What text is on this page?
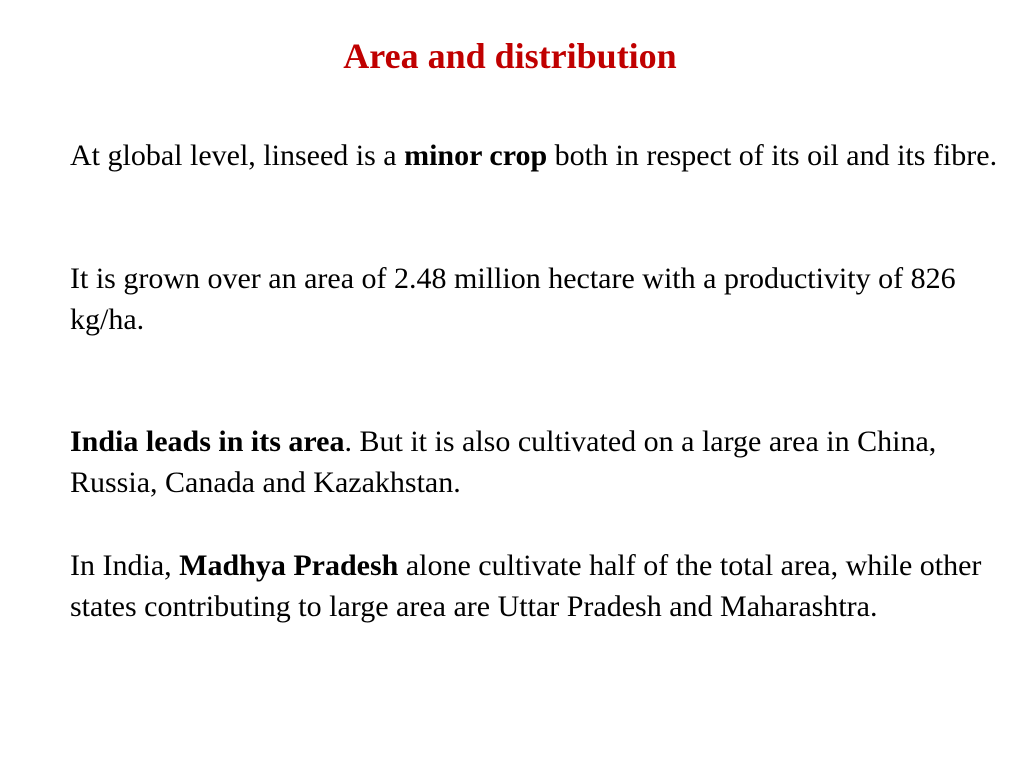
Area and distribution

At global level, linseed is a minor crop both in respect of its oil and its fibre.

It is grown over an area of 2.48 million hectare with a productivity of 826 kg/ha.

India leads in its area. But it is also cultivated on a large area in China, Russia, Canada and Kazakhstan.

In India, Madhya Pradesh alone cultivate half of the total area, while other states contributing to large area are Uttar Pradesh and Maharashtra.
